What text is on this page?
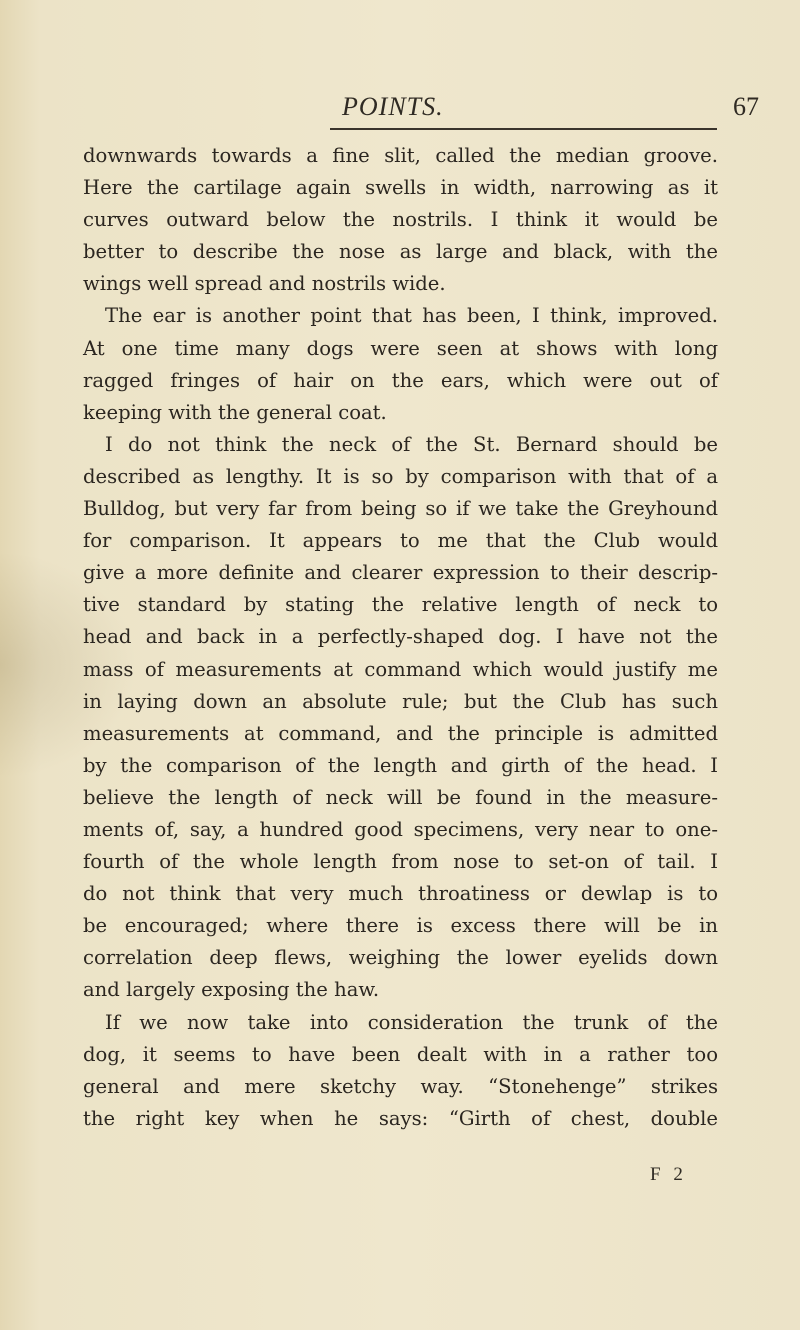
POINTS.	67
downwards towards a fine slit, called the median groove.
Here the cartilage again swells in width, narrowing as it
curves outward below the nostrils. I think it would be
better to describe the nose as large and black, with the
wings well spread and nostrils wide.
The ear is another point that has been, I think, improved.
At one time many dogs were seen at shows with long
ragged fringes of hair on the ears, which were out of
keeping with the general coat.
I do not think the neck of the St. Bernard should be
described as lengthy. It is so by comparison with that of a
Bulldog, but very far from being so if we take the Greyhound
for comparison. It appears to me that the Club would
give a more definite and clearer expression to their descrip-
tive standard by stating the relative length of neck to
head and back in a perfectly-shaped dog. I have not the
mass of measurements at command which would justify me
in laying down an absolute rule; but the Club has such
measurements at command, and the principle is admitted
by the comparison of the length and girth of the head. I
believe the length of neck will be found in the measure-
ments of, say, a hundred good specimens, very near to one-
fourth of the whole length from nose to set-on of tail. I
do not think that very much throatiness or dewlap is to
be encouraged; where there is excess there will be in
correlation deep flews, weighing the lower eyelids down
and largely exposing the haw.
If we now take into consideration the trunk of the
dog, it seems to have been dealt with in a rather too
general and mere sketchy way. “Stonehenge” strikes
the right key when he says: “Girth of chest, double
F 2
